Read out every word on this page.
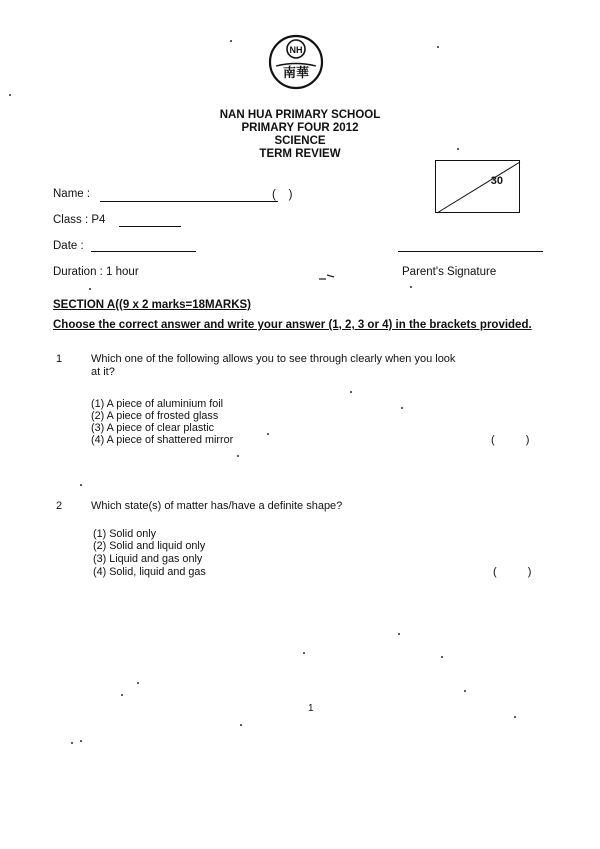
NH
南華
NAN HUA PRIMARY SCHOOL
PRIMARY FOUR 2012
SCIENCE
TERM REVIEW
30
Name :	(    )
Class : P4
Date :
Duration : 1 hour	Parent's Signature
SECTION A((9 x 2 marks=18MARKS)
Choose the correct answer and write your answer (1, 2, 3 or 4) in the brackets provided.
1	Which one of the following allows you to see through clearly when you look
at it?
(1) A piece of aluminium foil
(2) A piece of frosted glass
(3) A piece of clear plastic
(4) A piece of shattered mirror	( )
2	Which state(s) of matter has/have a definite shape?
(1) Solid only
(2) Solid and liquid only
(3) Liquid and gas only
(4) Solid, liquid and gas	( )
1
